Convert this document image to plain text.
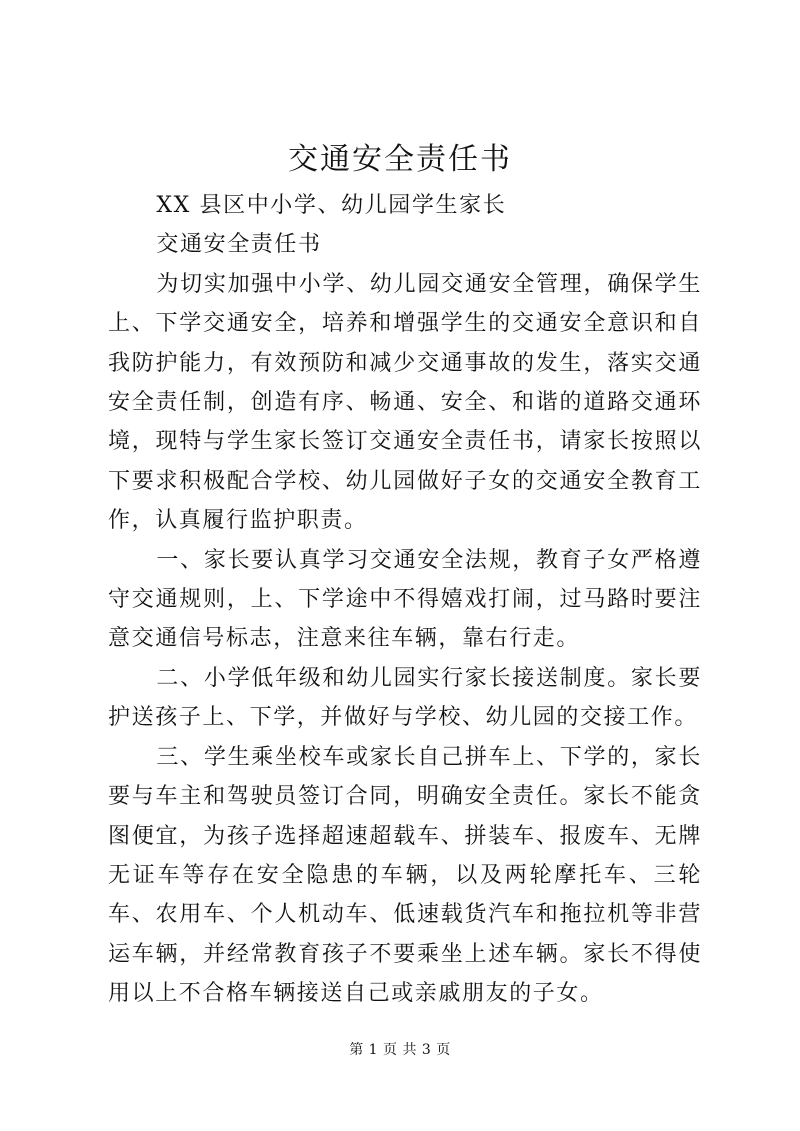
交通安全责任书

XX 县区中小学、幼儿园学生家长

交通安全责任书

为切实加强中小学、幼儿园交通安全管理，确保学生上、下学交通安全，培养和增强学生的交通安全意识和自我防护能力，有效预防和减少交通事故的发生，落实交通安全责任制，创造有序、畅通、安全、和谐的道路交通环境，现特与学生家长签订交通安全责任书，请家长按照以下要求积极配合学校、幼儿园做好子女的交通安全教育工作，认真履行监护职责。

一、家长要认真学习交通安全法规，教育子女严格遵守交通规则，上、下学途中不得嬉戏打闹，过马路时要注意交通信号标志，注意来往车辆，靠右行走。

二、小学低年级和幼儿园实行家长接送制度。家长要护送孩子上、下学，并做好与学校、幼儿园的交接工作。

三、学生乘坐校车或家长自己拼车上、下学的，家长要与车主和驾驶员签订合同，明确安全责任。家长不能贪图便宜，为孩子选择超速超载车、拼装车、报废车、无牌无证车等存在安全隐患的车辆，以及两轮摩托车、三轮车、农用车、个人机动车、低速载货汽车和拖拉机等非营运车辆，并经常教育孩子不要乘坐上述车辆。家长不得使用以上不合格车辆接送自己或亲戚朋友的子女。

第 1 页 共 3 页
